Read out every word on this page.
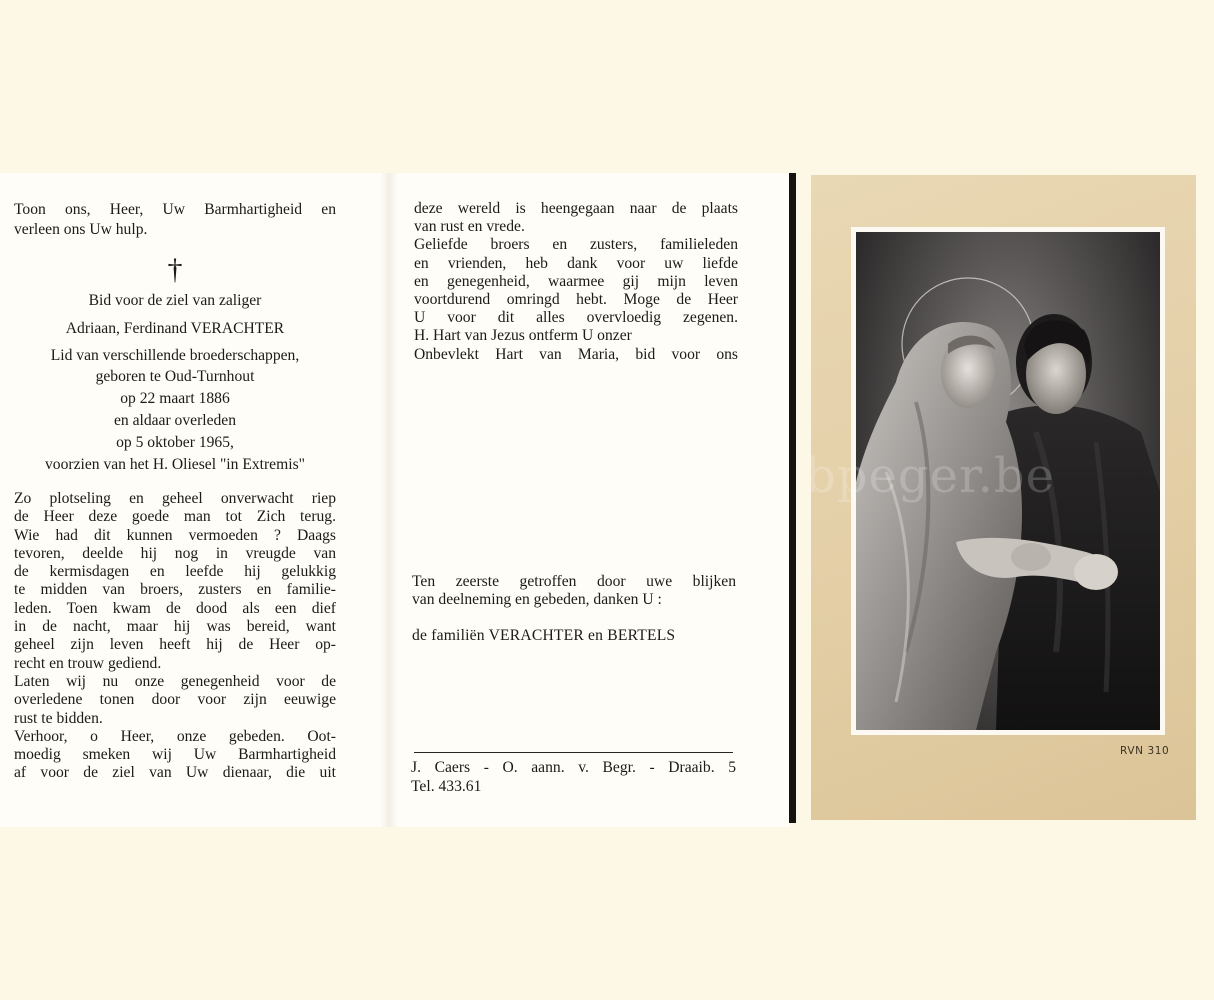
Toon ons, Heer, Uw Barmhartigheid en

verleen ons Uw hulp.

†

Bid voor de ziel van zaliger

Adriaan, Ferdinand VERACHTER

Lid van verschillende broederschappen,

geboren te Oud-Turnhout

op 22 maart 1886

en aldaar overleden

op 5 oktober 1965,

voorzien van het H. Oliesel "in Extremis"

Zo plotseling en geheel onverwacht riep

de Heer deze goede man tot Zich terug.

Wie had dit kunnen vermoeden ? Daags

tevoren, deelde hij nog in vreugde van

de kermisdagen en leefde hij gelukkig

te midden van broers, zusters en familie-

leden. Toen kwam de dood als een dief

in de nacht, maar hij was bereid, want

geheel zijn leven heeft hij de Heer op-

recht en trouw gediend.

Laten wij nu onze genegenheid voor de

overledene tonen door voor zijn eeuwige

rust te bidden.

Verhoor, o Heer, onze gebeden. Oot-

moedig smeken wij Uw Barmhartigheid

af voor de ziel van Uw dienaar, die uit

deze wereld is heengegaan naar de plaats

van rust en vrede.

Geliefde broers en zusters, familieleden

en vrienden, heb dank voor uw liefde

en genegenheid, waarmee gij mijn leven

voortdurend omringd hebt. Moge de Heer

U voor dit alles overvloedig zegenen.

H. Hart van Jezus ontferm U onzer

Onbevlekt Hart van Maria, bid voor ons

Ten zeerste getroffen door uwe blijken

van deelneming en gebeden, danken U :

de familiën VERACHTER en BERTELS

J. Caers - O. aann. v. Begr. - Draaib. 5

Tel. 433.61

RVN 310
bpeger.be
